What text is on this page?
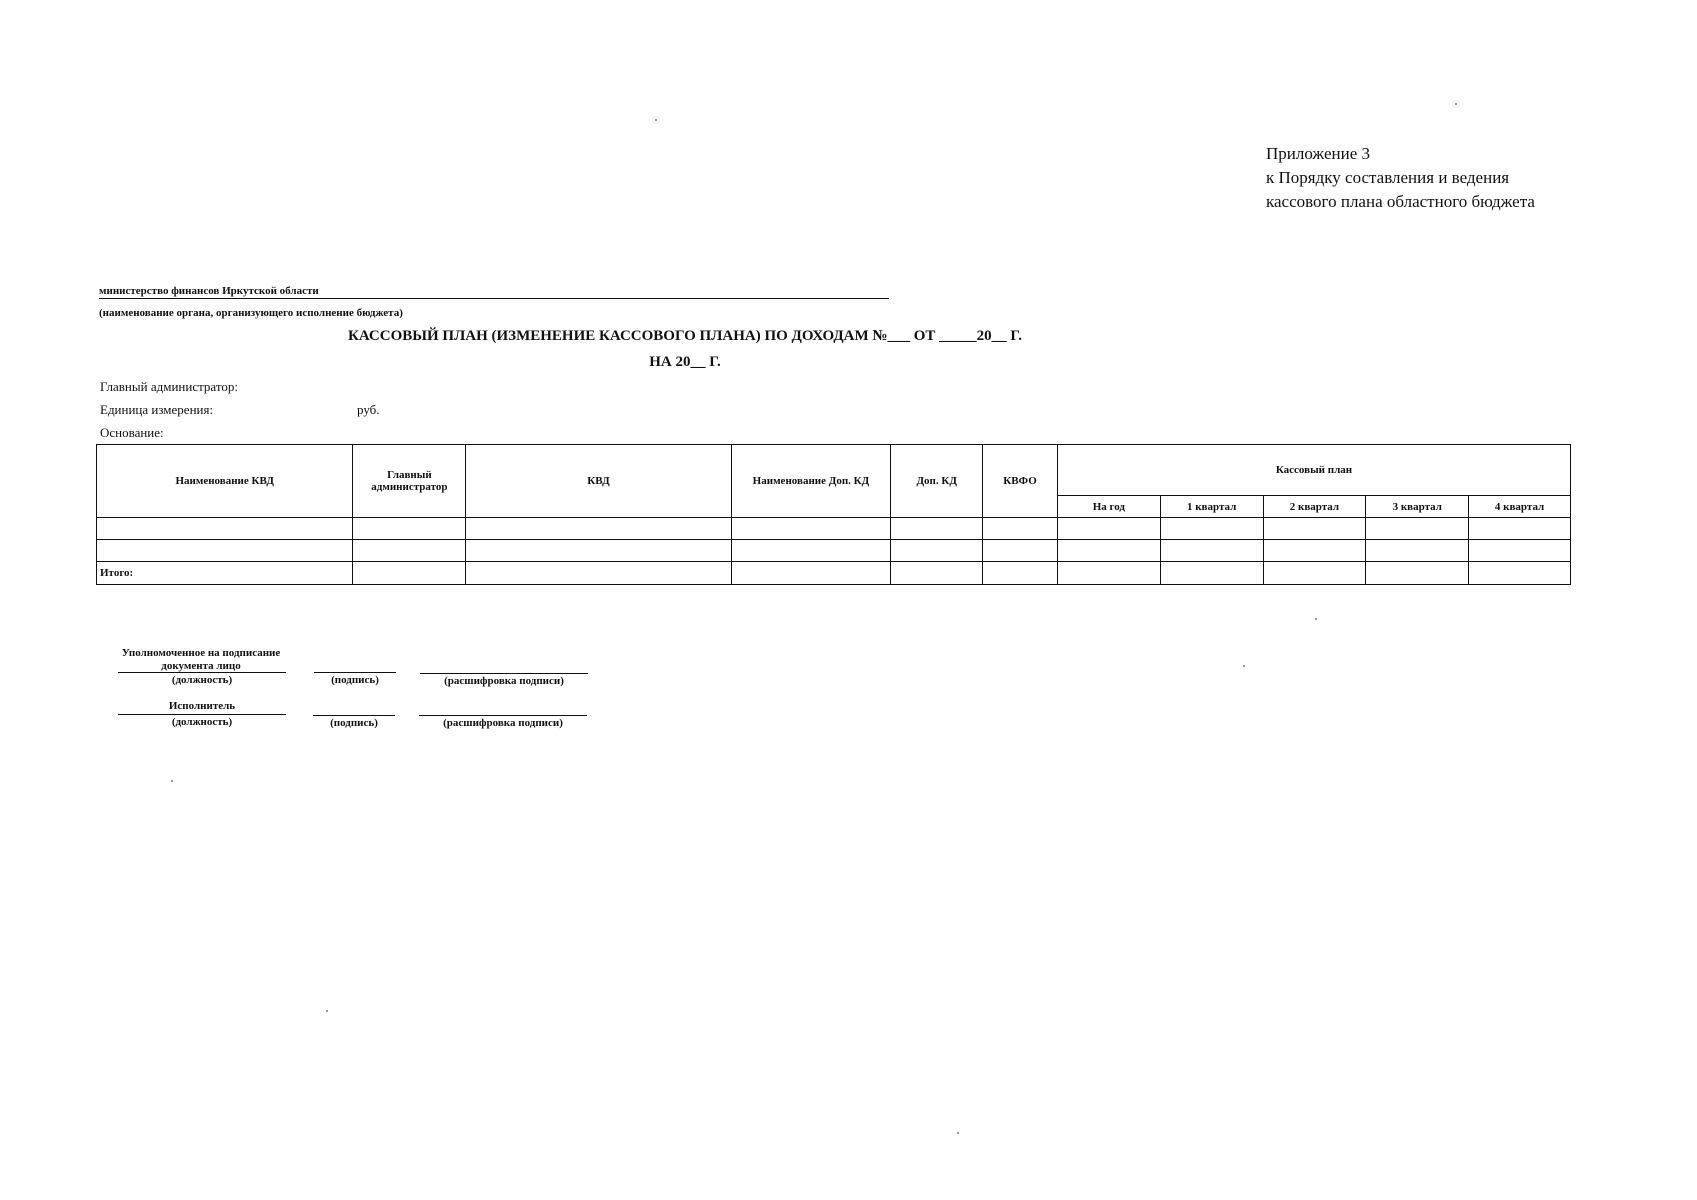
Приложение 3
к Порядку составления и ведения
кассового плана областного бюджета
министерство финансов Иркутской области
(наименование органа, организующего исполнение бюджета)
КАССОВЫЙ ПЛАН (ИЗМЕНЕНИЕ КАССОВОГО ПЛАНА) ПО ДОХОДАМ №___ ОТ _____20__ Г.
НА 20__ Г.
Главный администратор:
Единица измерения:	руб.
Основание:
Наименование КВД	Главный администратор	КВД	Наименование Доп. КД	Доп. КД	КВФО	Кассовый план				
						На год	1 квартал	2 квартал	3 квартал	4 квартал

Итого:										
Уполномоченное на подписание документа лицо
(должность)	(подпись)	(расшифровка подписи)
Исполнитель
(должность)	(подпись)	(расшифровка подписи)
